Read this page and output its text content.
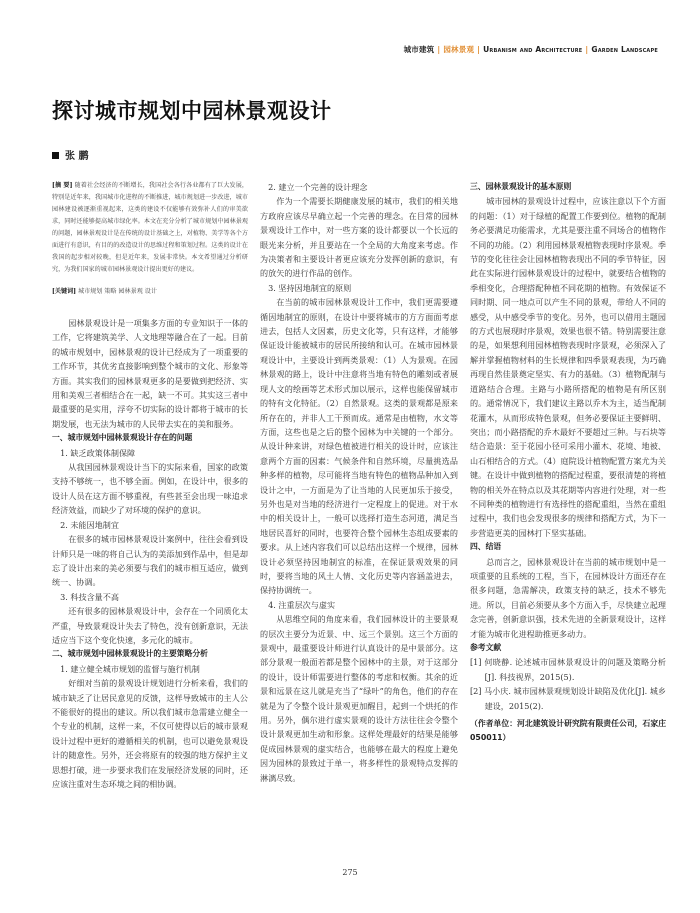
城市建筑 | 园林景观 | Urbanism and Architecture | Garden Landscape
探讨城市规划中园林景观设计
张 鹏

[摘 要] 随着社会经济的不断增长，我国社会各行各业都有了巨大发展，特别是近年来，我国城市化进程的不断推进，城市规划进一步改进，城市园林建设被逐渐重视起来，这类的建设不仅能够有效弥补人们的审美欲求，同时还能够提高城市绿化率。本文在充分分析了城市规划中园林景观的问题，园林景观设计是在传统的设计基础之上，对植物、美学等各个方面进行有意识，有目的的改造设计的思维过程和策划过程。这类的设计在我国的起步相对较晚，但是近年来，发展非常快。本文希望通过分析研究，为我们国家的城市园林景观设计提出更好的建议。

[关键词] 城市规划 策略 园林景观 设计

园林景观设计是一项集多方面的专业知识于一体的工作，它将建筑美学、人文地理等融合在了一起。目前的城市规划中，园林景观的设计已经成为了一项重要的工作环节，其优劣直接影响到整个城市的文化、形象等方面。其实我们的园林景观更多的是要做到把经济、实用和美观三者相结合在一起，缺一不可。其实这三者中最重要的是实用，浮夸不切实际的设计都将于城市的长期发展，也无法为城市的人民带去实在的美和服务。

一、城市规划中园林景观设计存在的问题

1. 缺乏政策体制保障

从我国园林景观设计当下的实际来看，国家的政策支持不够统一，也不够全面。例如，在设计中，很多的设计人员在这方面不够重视，有些甚至会出现一味追求经济效益，而缺少了对环境的保护的意识。

2. 未能因地制宜

在很多的城市园林景观设计案例中，往往会看到设计师只是一味的将自己认为的美添加到作品中，但是却忘了设计出来的美必须要与我们的城市相互适应，做到统一、协调。

3. 科技含量不高

还有很多的园林景观设计中，会存在一个同质化太严重，导致景观设计失去了特色，没有创新意识，无法适应当下这个变化快速，多元化的城市。

二、城市规划中园林景观设计的主要策略分析

1. 建立健全城市规划的监督与施行机制

好细对当前的景观设计规划进行分析来看，我们的城市缺乏了让居民意见的反馈，这样导致城市的主人公不能很好的提出的建议。所以我们城市急需建立健全一个专业的机制，这样一来，不仅可使得以后的城市景观设计过程中更好的遵循相关的机制，也可以避免景观设计的随意性。另外，还会将原有的较强的地方保护主义思想打破，进一步要求我们在发展经济发展的同时，还应该注重对生态环境之间的相协调。

2. 建立一个完善的设计理念

作为一个需要长期健康发展的城市，我们的相关地方政府应该尽早确立起一个完善的理念。在目常的园林景观设计工作中，对一些方案的设计都要以一个长远的眼光来分析，并且要站在一个全局的大角度来考虑。作为决策者和主要设计者更应该充分发挥创新的意识，有的放矢的进行作品的创作。

3. 坚持因地制宜的原则

在当前的城市园林景观设计工作中，我们更需要遵循因地制宜的原则，在设计中要将城市的方方面面考虑进去，包括人文因素，历史文化等，只有这样，才能够保证设计能被城市的居民所接纳和认可。在城市园林景观设计中，主要设计到两类景观：（1）人为景观。在园林景观的路上，设计中注意将当地有特色的雕刻或者展现人文的绘画等艺术形式加以展示，这样也能保留城市的特有文化特征。（2）自然景观。这类的景观都是原来所存在的，并非人工干预而成。通常是由植物，水文等方面，这些也是之后的整个园林为中关键的一个部分。从设计种来讲，对绿色植被进行相关的设计时，应该注意两个方面的因素：气候条件和自然环境，尽量挑选品种多样的植物，尽可能将当地有特色的植物品种加入到设计之中，一方面是为了让当地的人民更加乐于接受，另外也是对当地的经济进行一定程度上的促进。对于水中的相关设计上，一般可以选择打造生态河道，满足当地居民喜好的同时，也要符合整个园林生态组成要素的要求。从上述内容我们可以总结出这样一个规律，园林设计必须坚持因地制宜的标准，在保证景观效果的同时，要将当地的风土人情、文化历史等内容涵盖进去，保持协调统一。

4. 注重层次与虚实

从思维空间的角度来看，我们园林设计的主要景观的层次主要分为近景、中、远三个景别。这三个方面的景观中，最重要设计师进行认真设计的是中景部分。这部分景观一般面若都是整个园林中的主景，对于这部分的设计，设计师需要进行整体的考虑和权衡。其余的近景和远景在这儿就是充当了“绿叶”的角色，他们的存在就是为了令整个设计景观更加醒目，起到一个烘托的作用。另外，偶尔进行虚实景观的设计方法往往会令整个设计景观更加生动和形象。这样处理最好的结果是能够促成园林景观的虚实结合，也能够在最大的程度上避免因为园林的景致过于单一，将多样性的景观特点发挥的淋漓尽致。

三、园林景观设计的基本原则

城市园林的景观设计过程中，应该注意以下个方面的问题：（1）对于绿植的配置工作要到位。植物的配制务必要满足功能需求，尤其是要注重不同场合的植物作不同的功能。（2）利用园林景观植物表现时序景观。季节的变化往往会让园林植物表现出不同的季节特征，因此在实际进行园林景观设计的过程中，就要结合植物的季相变化，合理搭配种植不同花期的植物。有效保证不同时期、同一地点可以产生不同的景观，带给人不同的感受，从中感受季节的变化。另外，也可以借用主题园的方式也展现时序景观，效果也很不错。特别需要注意的是，如果想利用园林植物表现时序景观，必须深入了解并掌握植物材料的生长规律和四季景观表现，为巧确再现自然佳景奠定坚实、有力的基础。（3）植物配制与道路结合合理。主路与小路所搭配的植物是有所区别的。通常情况下，我们建议主路以乔木为主，适当配制花灌木，从而形成特色景观，但务必要保证主要鲜明、突出；而小路搭配的乔木最好不要超过三种。与石块等结合造景：至于花园小径可采用小灌木、花境、地被、山石相结合的方式。（4）庭院设计植物配置方案尤为关键。在设计中做到植物的搭配过程重，要很清楚的将植物的相关外在特点以及其花期等内容进行处理，对一些不同种类的植物进行有选择性的搭配重组，当然在重组过程中，我们也会发现很多的规律和搭配方式，为下一步营造更美的园林打下坚实基础。

四、结语

总而言之，园林景观设计在当前的城市规划中是一项重要的且系统的工程，当下，在园林设计方面还存在很多问题，急需解决，政策支持的缺乏，技术不够先进。所以，目前必须要从多个方面入手，尽快建立起理念完善，创新意识强，技术先进的全新景观设计，这样才能为城市化进程助推更多动力。

参考文献

[1] 何晓静. 论述城市园林景观设计的问题及策略分析[J]. 科技视界，2015(5).

[2] 马小庆. 城市园林景观规划设计缺陷及优化[J]. 城乡建设，2015(2).

（作者单位：河北建筑设计研究院有限责任公司，石家庄 050011）

275
